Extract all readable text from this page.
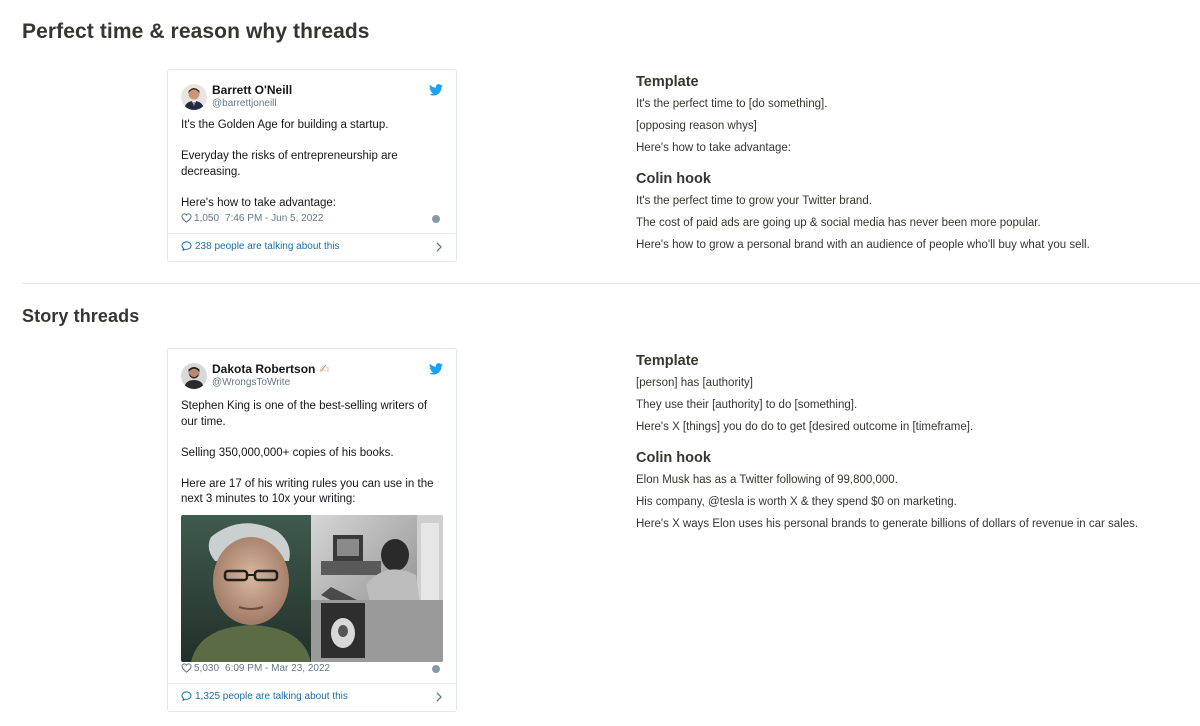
Perfect time & reason why threads
Barrett O'Neill
@barrettjoneill

It's the Golden Age for building a startup.

Everyday the risks of entrepreneurship are decreasing.

Here's how to take advantage:

1,050 7:46 PM - Jun 5, 2022
238 people are talking about this
Template
It's the perfect time to [do something].
[opposing reason whys]
Here's how to take advantage:
Colin hook
It's the perfect time to grow your Twitter brand.
The cost of paid ads are going up & social media has never been more popular.
Here's how to grow a personal brand with an audience of people who'll buy what you sell.
Story threads
Dakota Robertson ✍
@WrongsToWrite

Stephen King is one of the best-selling writers of our time.

Selling 350,000,000+ copies of his books.

Here are 17 of his writing rules you can use in the next 3 minutes to 10x your writing:

5,030 6:09 PM - Mar 23, 2022
1,325 people are talking about this
Template
[person] has [authority]
They use their [authority] to do [something].
Here's X [things] you do do to get [desired outcome in [timeframe].
Colin hook
Elon Musk has as a Twitter following of 99,800,000.
His company, @tesla is worth X & they spend $0 on marketing.
Here's X ways Elon uses his personal brands to generate billions of dollars of revenue in car sales.
